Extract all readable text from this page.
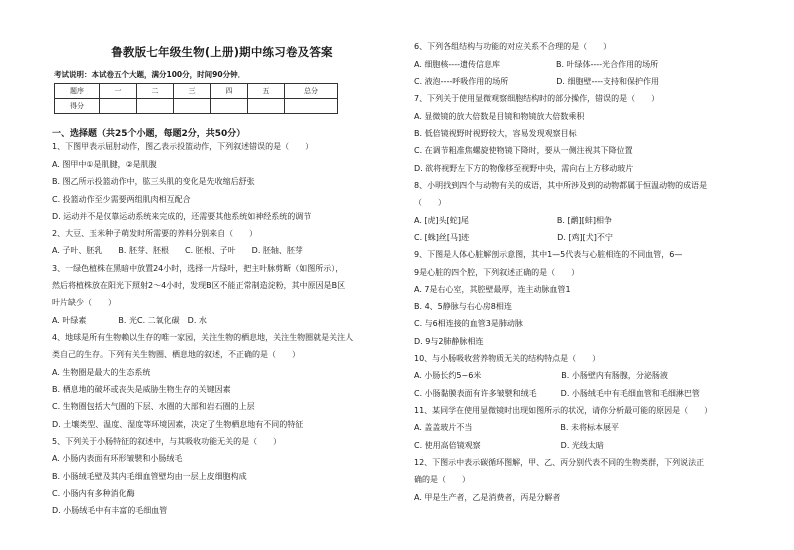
鲁教版七年级生物(上册)期中练习卷及答案
考试说明：本试卷五个大题，满分100分，时间90分钟．
题序	一	二	三	四	五	总分
得分						
一、选择题（共25个小题，每题2分，共50分）
1、下图甲表示屈肘动作，图乙表示投篮动作，下列叙述错误的是（　　）
A. 图甲中①是肌腱，②是肌腹
B. 图乙所示投篮动作中，肱三头肌的变化是先收缩后舒张
C. 投篮动作至少需要两组肌肉相互配合
D. 运动并不是仅靠运动系统来完成的，还需要其他系统如神经系统的调节
2、大豆、玉米种子萌发时所需要的养料分别来自（　　）
A. 子叶、胚乳　　B. 胚芽、胚根　　C. 胚根、子叶　　D. 胚轴、胚芽
3、一绿色植株在黑暗中放置24小时，选择一片绿叶，把主叶脉剪断（如图所示），
然后将植株放在阳光下照射2～4小时，发现B区不能正常制造淀粉，其中原因是B区
叶片缺少（　　）
A. 叶绿素　　　　B. 光C. 二氧化碳　D. 水
4、地球是所有生物赖以生存的唯一家园，关注生物的栖息地，关注生物圈就是关注人
类自己的生存。下列有关生物圈、栖息地的叙述，不正确的是（　　）
A. 生物圈是最大的生态系统
B. 栖息地的破坏或丧失是威胁生物生存的关键因素
C. 生物圈包括大气圈的下层、水圈的大部和岩石圈的上层
D. 土壤类型、温度、湿度等环境因素，决定了生物栖息地有不同的特征
5、下列关于小肠特征的叙述中，与其吸收功能无关的是（　　）
A. 小肠内表面有环形皱襞和小肠绒毛
B. 小肠绒毛壁及其内毛细血管壁均由一层上皮细胞构成
C. 小肠内有多种消化酶
D. 小肠绒毛中有丰富的毛细血管
6、下列各组结构与功能的对应关系不合理的是（　　）
A. 细胞核----遗传信息库　　　　　　　B. 叶绿体----光合作用的场所
C. 液泡----呼吸作用的场所　　　　　　D. 细胞壁----支持和保护作用
7、下列关于使用显微观察细胞结构时的部分操作，错误的是（　　）
A. 显微镜的放大倍数是目镜和物镜放大倍数乘积
B. 低倍镜视野时视野较大，容易发现观察目标
C. 在调节粗准焦螺旋使物镜下降时，要从一侧注视其下降位置
D. 欲将视野左下方的物像移至视野中央，需向右上方移动玻片
8、小明找到四个与动物有关的成语，其中所涉及到的动物都属于恒温动物的成语是
（　　）
A. [虎]头[蛇]尾　　　　　　　　　　　B. [鹬][蚌]相争
C. [蛛]丝[马]迹　　　　　　　　　　　D. [鸡][犬]不宁
9、下图是人体心脏解剖示意图，其中1—5代表与心脏相连的不同血管，6—
9是心脏的四个腔，下列叙述正确的是（　　）
A. 7是右心室，其腔壁最厚，连主动脉血管1
B. 4、5静脉与右心房8相连
C. 与6相连接的血管3是肺动脉
D. 9与2肺静脉相连
10、与小肠吸收营养物质无关的结构特点是（　　）
A. 小肠长约5~6米　　　　　　　　　　B. 小肠壁内有肠腺，分泌肠液
C. 小肠黏膜表面有许多皱襞和绒毛　　　D. 小肠绒毛中有毛细血管和毛细淋巴管
11、某同学在使用显微镜时出现如图所示的状况，请你分析最可能的原因是（　　）
A. 盖盖玻片不当　　　　　　　　　　　B. 未将标本展平
C. 使用高倍镜观察　　　　　　　　　　D. 光线太暗
12、下图示中表示碳循环图解，甲、乙、丙分别代表不同的生物类群，下列说法正
确的是（　　）
A. 甲是生产者，乙是消费者，丙是分解者
